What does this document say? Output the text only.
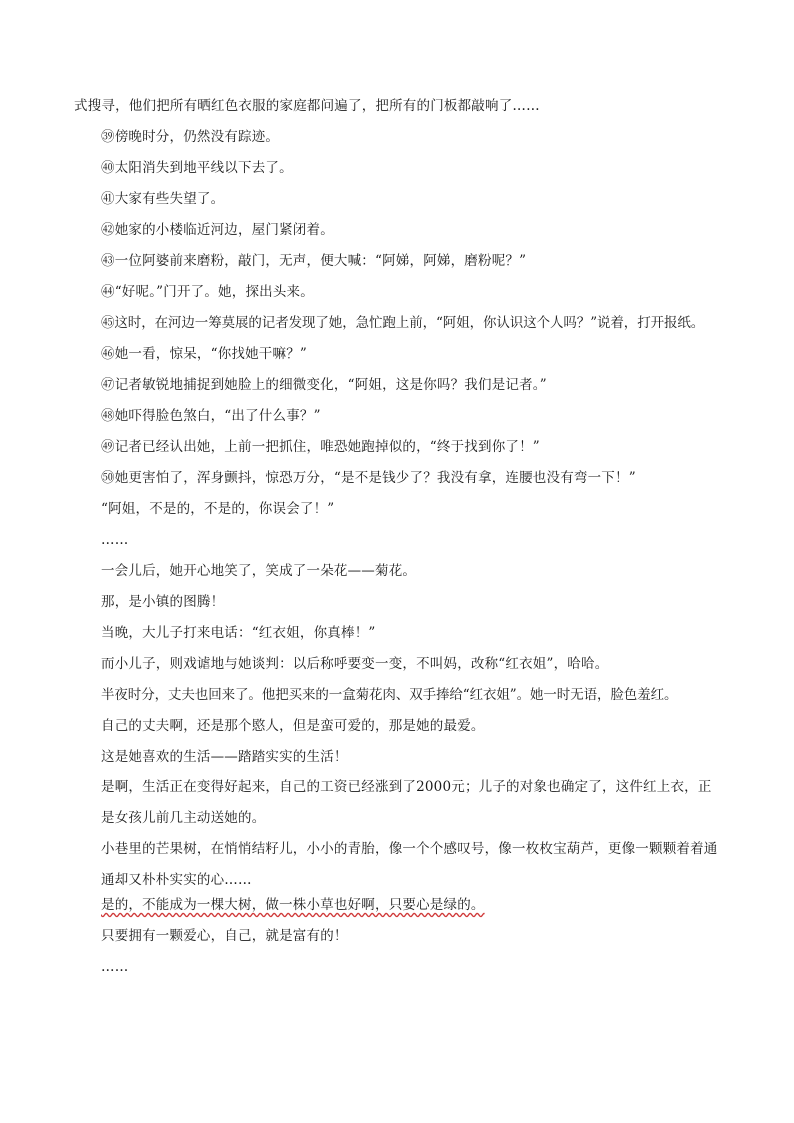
式搜寻，他们把所有晒红色衣服的家庭都问遍了，把所有的门板都敲响了……

㊴傍晚时分，仍然没有踪迹。

㊵太阳消失到地平线以下去了。

㊶大家有些失望了。

㊷她家的小楼临近河边，屋门紧闭着。

㊸一位阿婆前来磨粉，敲门，无声，便大喊：“阿娣，阿娣，磨粉呢？”

㊹“好呢。”门开了。她，探出头来。

㊺这时，在河边一筹莫展的记者发现了她，急忙跑上前，“阿姐，你认识这个人吗？”说着，打开报纸。

㊻她一看，惊呆，“你找她干嘛？”

㊼记者敏锐地捕捉到她脸上的细微变化，“阿姐，这是你吗？我们是记者。”

㊽她吓得脸色煞白，“出了什么事？”

㊾记者已经认出她，上前一把抓住，唯恐她跑掉似的，“终于找到你了！”

㊿她更害怕了，浑身颤抖，惊恐万分，“是不是钱少了？我没有拿，连腰也没有弯一下！”

“阿姐，不是的，不是的，你误会了！”

……

一会儿后，她开心地笑了，笑成了一朵花——菊花。

那，是小镇的图腾！

当晚，大儿子打来电话：“红衣姐，你真棒！”

而小儿子，则戏谑地与她谈判：以后称呼要变一变，不叫妈，改称“红衣姐”，哈哈。

半夜时分，丈夫也回来了。他把买来的一盒菊花肉、双手捧给“红衣姐”。她一时无语，脸色羞红。

自己的丈夫啊，还是那个愍人，但是蛮可爱的，那是她的最爱。

这是她喜欢的生活——踏踏实实的生活！

是啊，生活正在变得好起来，自己的工资已经涨到了2000元；儿子的对象也确定了，这件红上衣，正是女孩儿前几主动送她的。

小巷里的芒果树，在悄悄结籽儿，小小的青胎，像一个个感叹号，像一枚枚宝葫芦，更像一颗颗着着通通却又朴朴实实的心……

是的，不能成为一棵大树，做一株小草也好啊，只要心是绿的。

只要拥有一颗爱心，自己，就是富有的！

……
